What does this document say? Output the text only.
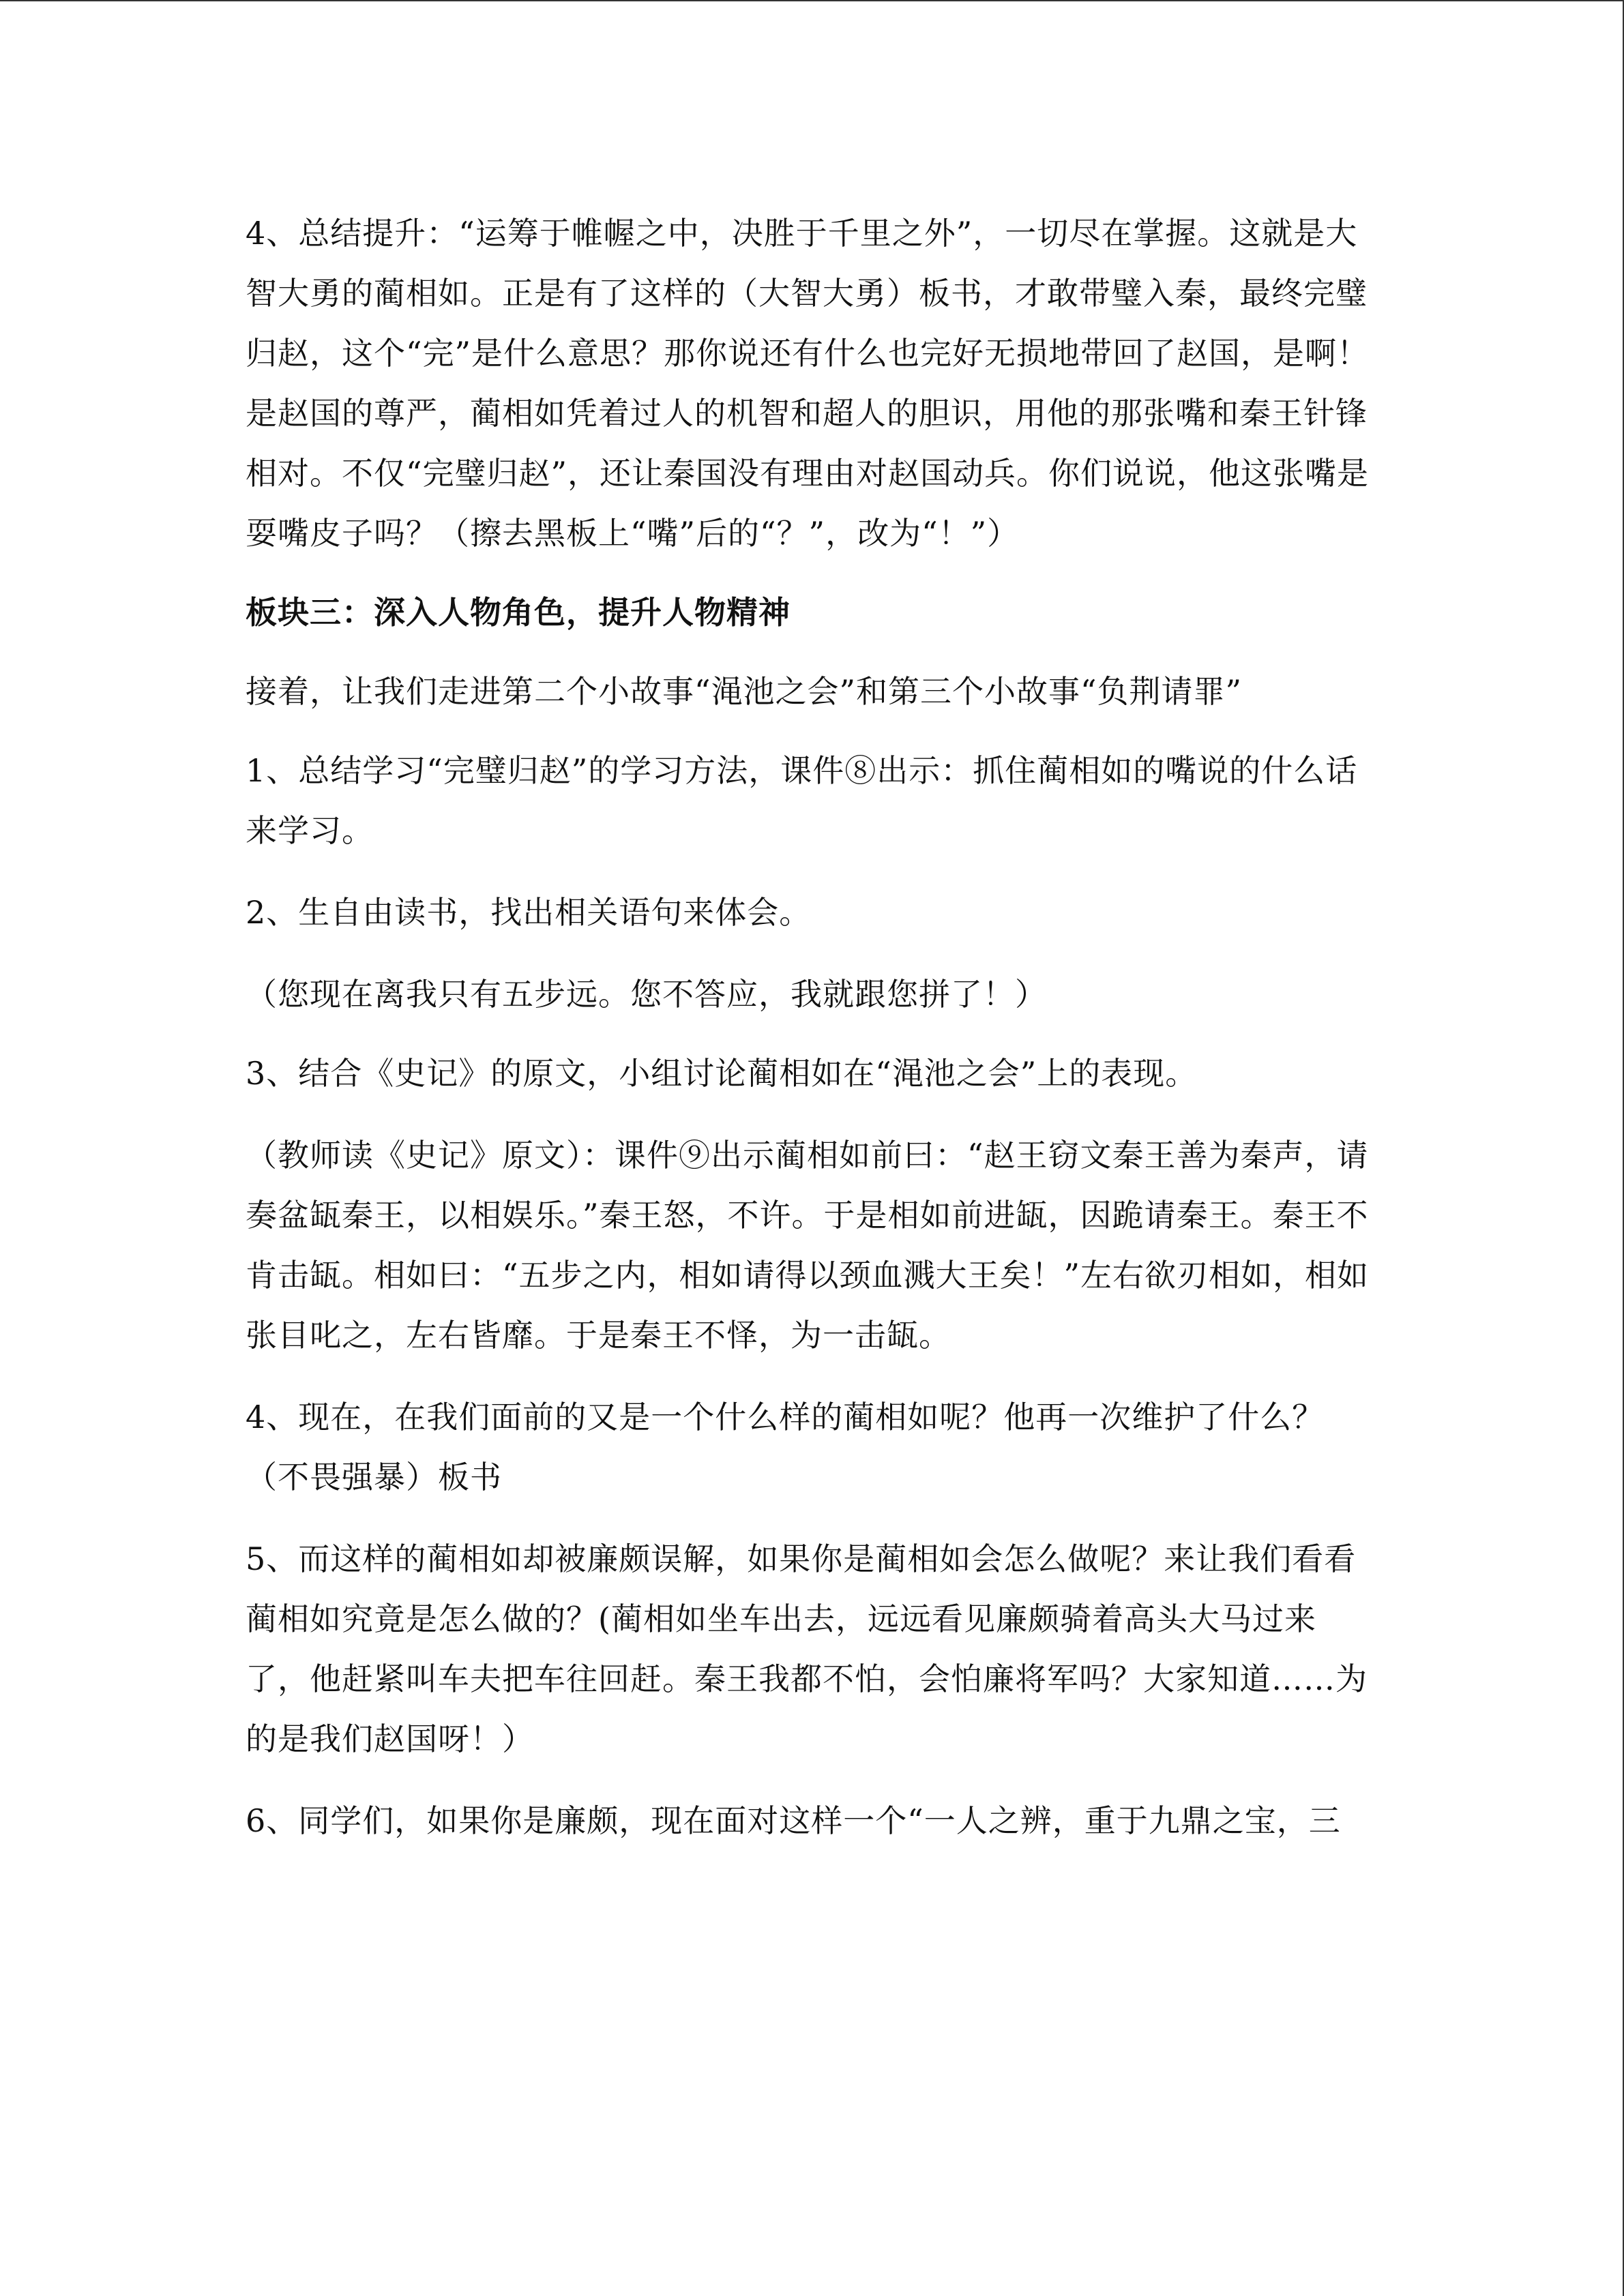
4、总结提升：“运筹于帷幄之中，决胜于千里之外”，一切尽在掌握。这就是大智大勇的蔺相如。正是有了这样的（大智大勇）板书，才敢带璧入秦，最终完璧归赵，这个“完”是什么意思？那你说还有什么也完好无损地带回了赵国，是啊！是赵国的尊严，蔺相如凭着过人的机智和超人的胆识，用他的那张嘴和秦王针锋相对。不仅“完璧归赵”，还让秦国没有理由对赵国动兵。你们说说，他这张嘴是耍嘴皮子吗？（擦去黑板上“嘴”后的“？”，改为“！”）

板块三：深入人物角色，提升人物精神

接着，让我们走进第二个小故事“渑池之会”和第三个小故事“负荆请罪”

1、总结学习“完璧归赵”的学习方法，课件⑧出示：抓住蔺相如的嘴说的什么话来学习。

2、生自由读书，找出相关语句来体会。

（您现在离我只有五步远。您不答应，我就跟您拼了！）

3、结合《史记》的原文，小组讨论蔺相如在“渑池之会”上的表现。

（教师读《史记》原文）：课件⑨出示蔺相如前曰：“赵王窃文秦王善为秦声，请奏盆缻秦王，以相娱乐。”秦王怒，不许。于是相如前进缻，因跪请秦王。秦王不肯击缻。相如曰：“五步之内，相如请得以颈血溅大王矣！”左右欲刃相如，相如张目叱之，左右皆靡。于是秦王不怿，为一击缻。

4、现在，在我们面前的又是一个什么样的蔺相如呢？他再一次维护了什么？（不畏强暴）板书

5、而这样的蔺相如却被廉颇误解，如果你是蔺相如会怎么做呢？来让我们看看蔺相如究竟是怎么做的？(蔺相如坐车出去，远远看见廉颇骑着高头大马过来了，他赶紧叫车夫把车往回赶。秦王我都不怕，会怕廉将军吗？大家知道……为的是我们赵国呀！）

6、同学们，如果你是廉颇，现在面对这样一个“一人之辨，重于九鼎之宝，三
